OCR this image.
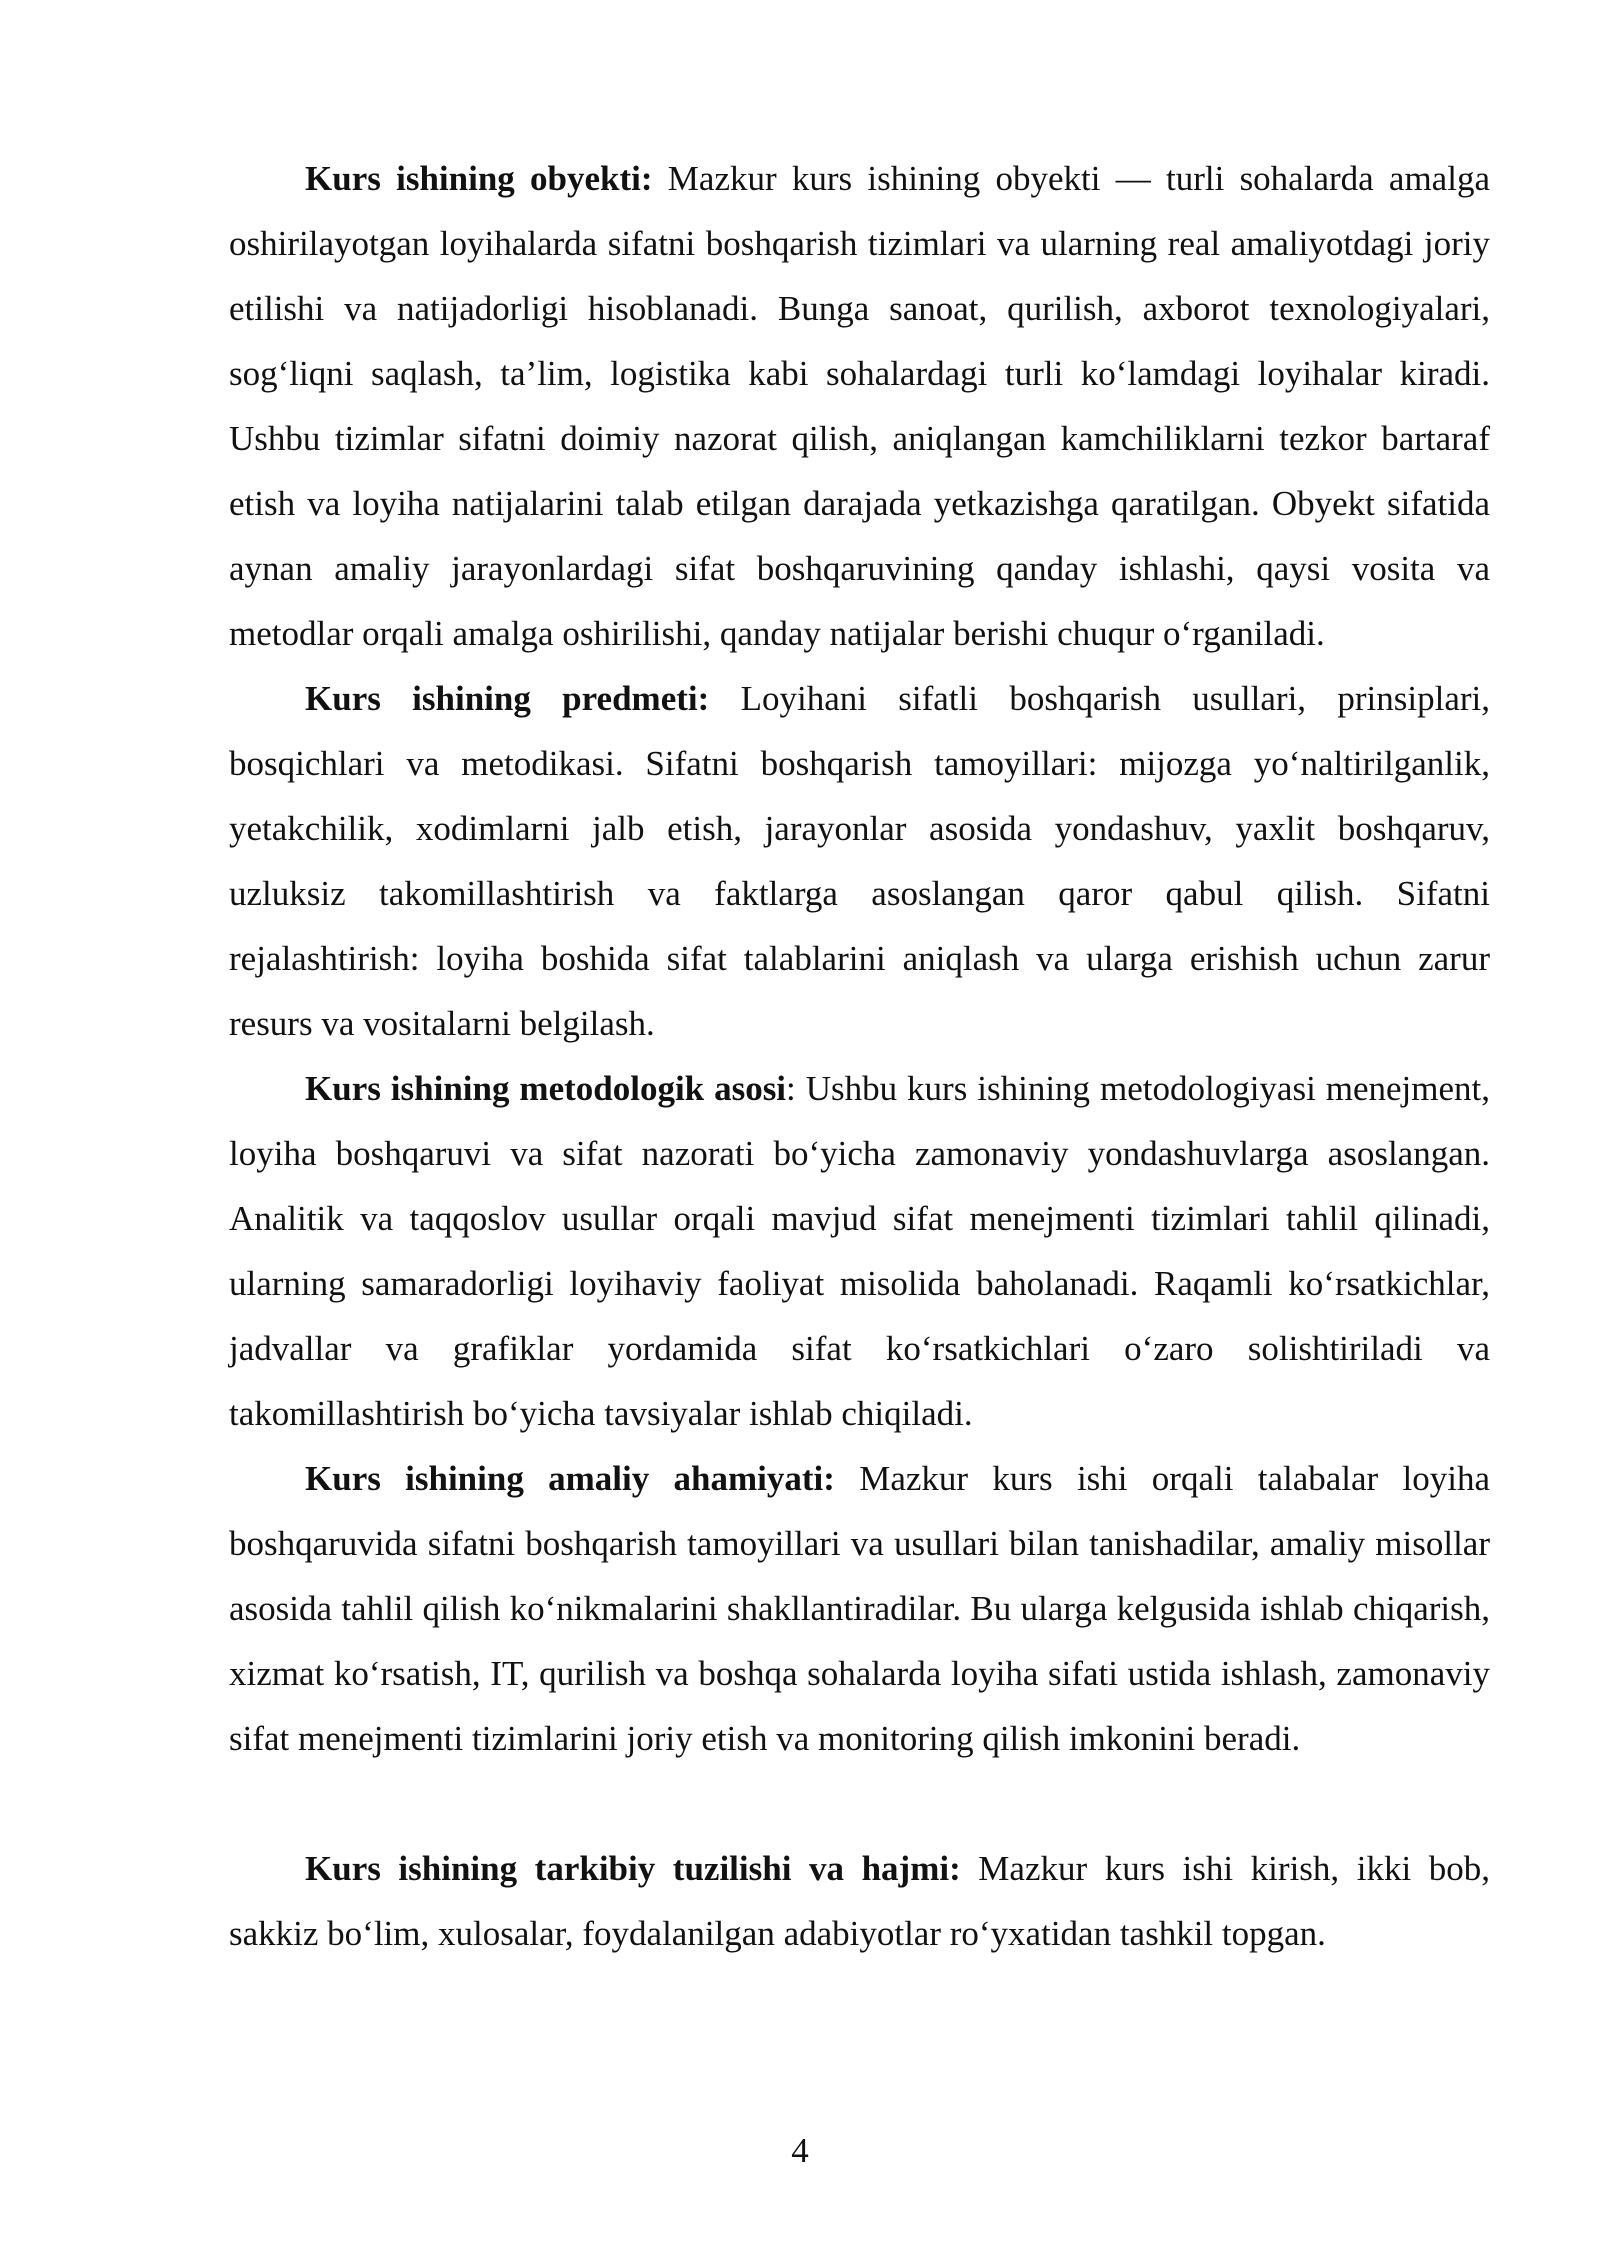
Kurs ishining obyekti: Mazkur kurs ishining obyekti — turli sohalarda amalga oshirilayotgan loyihalarda sifatni boshqarish tizimlari va ularning real amaliyotdagi joriy etilishi va natijadorligi hisoblanadi. Bunga sanoat, qurilish, axborot texnologiyalari, sog‘liqni saqlash, ta’lim, logistika kabi sohalardagi turli ko‘lamdagi loyihalar kiradi. Ushbu tizimlar sifatni doimiy nazorat qilish, aniqlangan kamchiliklarni tezkor bartaraf etish va loyiha natijalarini talab etilgan darajada yetkazishga qaratilgan. Obyekt sifatida aynan amaliy jarayonlardagi sifat boshqaruvining qanday ishlashi, qaysi vosita va metodlar orqali amalga oshirilishi, qanday natijalar berishi chuqur o‘rganiladi.

Kurs ishining predmeti: Loyihani sifatli boshqarish usullari, prinsiplari, bosqichlari va metodikasi. Sifatni boshqarish tamoyillari: mijozga yo‘naltirilganlik, yetakchilik, xodimlarni jalb etish, jarayonlar asosida yondashuv, yaxlit boshqaruv, uzluksiz takomillashtirish va faktlarga asoslangan qaror qabul qilish. Sifatni rejalashtirish: loyiha boshida sifat talablarini aniqlash va ularga erishish uchun zarur resurs va vositalarni belgilash.

Kurs ishining metodologik asosi: Ushbu kurs ishining metodologiyasi menejment, loyiha boshqaruvi va sifat nazorati bo‘yicha zamonaviy yondashuvlarga asoslangan. Analitik va taqqoslov usullar orqali mavjud sifat menejmenti tizimlari tahlil qilinadi, ularning samaradorligi loyihaviy faoliyat misolida baholanadi. Raqamli ko‘rsatkichlar, jadvallar va grafiklar yordamida sifat ko‘rsatkichlari o‘zaro solishtiriladi va takomillashtirish bo‘yicha tavsiyalar ishlab chiqiladi.

Kurs ishining amaliy ahamiyati: Mazkur kurs ishi orqali talabalar loyiha boshqaruvida sifatni boshqarish tamoyillari va usullari bilan tanishadilar, amaliy misollar asosida tahlil qilish ko‘nikmalarini shakllantiradilar. Bu ularga kelgusida ishlab chiqarish, xizmat ko‘rsatish, IT, qurilish va boshqa sohalarda loyiha sifati ustida ishlash, zamonaviy sifat menejmenti tizimlarini joriy etish va monitoring qilish imkonini beradi.

Kurs ishining tarkibiy tuzilishi va hajmi: Mazkur kurs ishi kirish, ikki bob, sakkiz bo‘lim, xulosalar, foydalanilgan adabiyotlar ro‘yxatidan tashkil topgan.

4
